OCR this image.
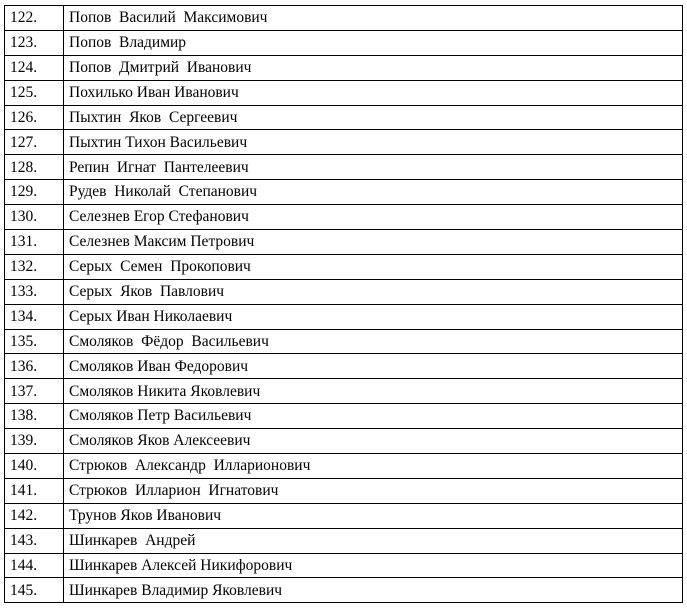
122.	Попов  Василий  Максимович
123.	Попов  Владимир
124.	Попов  Дмитрий  Иванович
125.	Похилько Иван Иванович
126.	Пыхтин  Яков  Сергеевич
127.	Пыхтин Тихон Васильевич
128.	Репин  Игнат  Пантелеевич
129.	Рудев  Николай  Степанович
130.	Селезнев Егор Стефанович
131.	Селезнев Максим Петрович
132.	Серых  Семен  Прокопович
133.	Серых  Яков  Павлович
134.	Серых Иван Николаевич
135.	Смоляков  Фёдор  Васильевич
136.	Смоляков Иван Федорович
137.	Смоляков Никита Яковлевич
138.	Смоляков Петр Васильевич
139.	Смоляков Яков Алексеевич
140.	Стрюков  Александр  Илларионович
141.	Стрюков  Илларион  Игнатович
142.	Трунов Яков Иванович
143.	Шинкарев  Андрей
144.	Шинкарев Алексей Никифорович
145.	Шинкарев Владимир Яковлевич
